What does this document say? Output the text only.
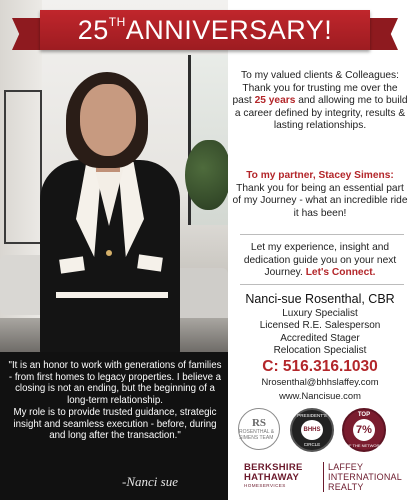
25THANNIVERSARY!
To my valued clients & Colleagues: Thank you for trusting me over the past 25 years and allowing me to build a career defined by integrity, results & lasting relationships.
To my partner, Stacey Simens:
Thank you for being an essential part of my Journey - what an incredible ride it has been!
Let my experience, insight and dedication guide you on your next Journey. Let's Connect.
Nanci-sue Rosenthal, CBR
Luxury Specialist
Licensed R.E. Salesperson
Accredited Stager
Relocation Specialist
C: 516.316.1030
Nrosenthal@bhhslaffey.com
www.Nancisue.com
RS
ROSENTHAL & SIMENS TEAM
PRESIDENT'S
BHHS
CIRCLE
TOP
7%
OF THE NETWORK
BERKSHIRE
HATHAWAY
HOMESERVICES
LAFFEY
INTERNATIONAL
REALTY
"It is an honor to work with generations of families - from first homes to legacy properties. I believe a closing is not an ending, but the beginning of a long-term relationship.
My role is to provide trusted guidance, strategic insight and seamless execution - before, during and long after the transaction."
-Nanci sue
